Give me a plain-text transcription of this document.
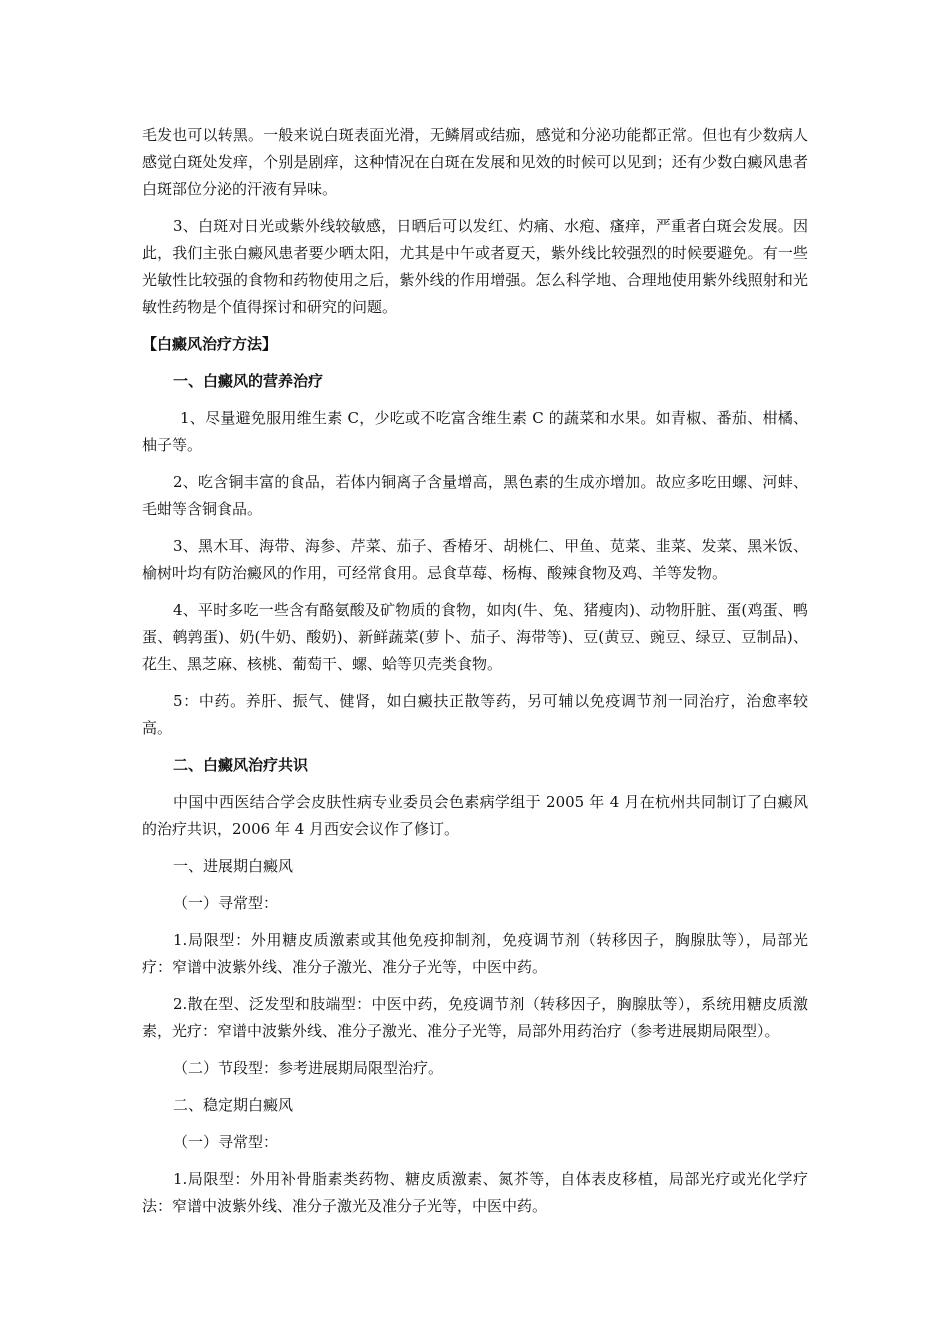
毛发也可以转黑。一般来说白斑表面光滑，无鳞屑或结痂，感觉和分泌功能都正常。但也有少数病人感觉白斑处发痒，个别是剧痒，这种情况在白斑在发展和见效的时候可以见到；还有少数白癜风患者白斑部位分泌的汗液有异味。

3、白斑对日光或紫外线较敏感，日晒后可以发红、灼痛、水疱、瘙痒，严重者白斑会发展。因此，我们主张白癜风患者要少晒太阳，尤其是中午或者夏天，紫外线比较强烈的时候要避免。有一些光敏性比较强的食物和药物使用之后，紫外线的作用增强。怎么科学地、合理地使用紫外线照射和光敏性药物是个值得探讨和研究的问题。

【白癜风治疗方法】

一、白癜风的营养治疗

1、尽量避免服用维生素 C，少吃或不吃富含维生素 C 的蔬菜和水果。如青椒、番茄、柑橘、柚子等。

2、吃含铜丰富的食品，若体内铜离子含量增高，黑色素的生成亦增加。故应多吃田螺、河蚌、毛蚶等含铜食品。

3、黑木耳、海带、海参、芹菜、茄子、香椿牙、胡桃仁、甲鱼、苋菜、韭菜、发菜、黑米饭、榆树叶均有防治癜风的作用，可经常食用。忌食草莓、杨梅、酸辣食物及鸡、羊等发物。

4、平时多吃一些含有酪氨酸及矿物质的食物，如肉(牛、兔、猪瘦肉)、动物肝脏、蛋(鸡蛋、鸭蛋、鹌鹑蛋)、奶(牛奶、酸奶)、新鲜蔬菜(萝卜、茄子、海带等)、豆(黄豆、豌豆、绿豆、豆制品)、花生、黑芝麻、核桃、葡萄干、螺、蛤等贝壳类食物。

5：中药。养肝、振气、健肾，如白癜扶正散等药，另可辅以免疫调节剂一同治疗，治愈率较高。

二、白癜风治疗共识

中国中西医结合学会皮肤性病专业委员会色素病学组于 2005 年 4 月在杭州共同制订了白癜风的治疗共识，2006 年 4 月西安会议作了修订。

一、进展期白癜风

（一）寻常型：

1.局限型：外用糖皮质激素或其他免疫抑制剂，免疫调节剂（转移因子，胸腺肽等），局部光疗：窄谱中波紫外线、准分子激光、准分子光等，中医中药。

2.散在型、泛发型和肢端型：中医中药，免疫调节剂（转移因子，胸腺肽等），系统用糖皮质激素，光疗：窄谱中波紫外线、准分子激光、准分子光等，局部外用药治疗（参考进展期局限型）。

（二）节段型：参考进展期局限型治疗。

二、稳定期白癜风

（一）寻常型：

1.局限型：外用补骨脂素类药物、糖皮质激素、氮芥等，自体表皮移植，局部光疗或光化学疗法：窄谱中波紫外线、准分子激光及准分子光等，中医中药。
